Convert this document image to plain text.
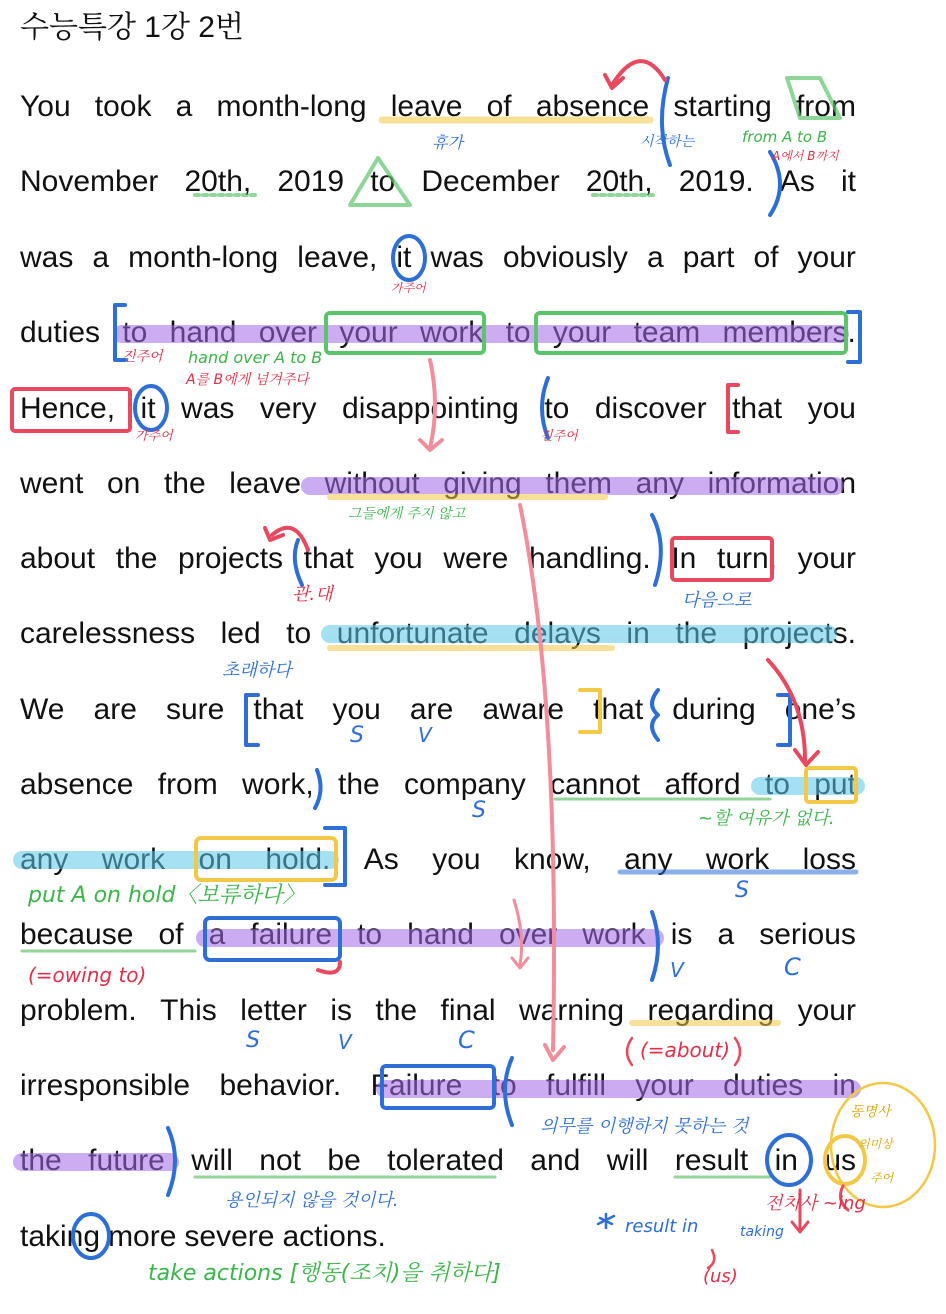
수능특강 1강 2번
You took a month-long leave of absence starting from
November 20th, 2019 to December 20th, 2019. As it
was a month-long leave, it was obviously a part of your
duties to hand over your work to your team members.
Hence, it was very disappointing to discover that you
went on the leave without giving them any information
about the projects that you were handling. In turn, your
carelessness led to unfortunate delays in the projects.
We are sure that you are aware that during one’s
absence from work, the company cannot afford to put
any work on hold. As you know, any work loss
because of a failure to hand over work is a serious
problem. This letter is the final warning regarding your
irresponsible behavior. Failure to fulfill your duties in
the future will not be tolerated and will result in us
taking more severe actions.
휴가	시작하는	from A to B
A에서 B까지
가주어
진주어 hand over A to B
A를 B에게 넘겨주다
가주어	진주어
그들에게 주지 않고
관.대	다음으로
초래하다
S	V
S	~할 여유가 없다.
put A on hold〈보류하다〉	S
(=owing to)	V	C
S	V	C	(=about)
의무를 이행하지 못하는 것
용인되지 않을 것이다.
result in	taking
(us)
전치사 ~ing
동명사
의미상
주어
take actions [행동(조치)을 취하다]
